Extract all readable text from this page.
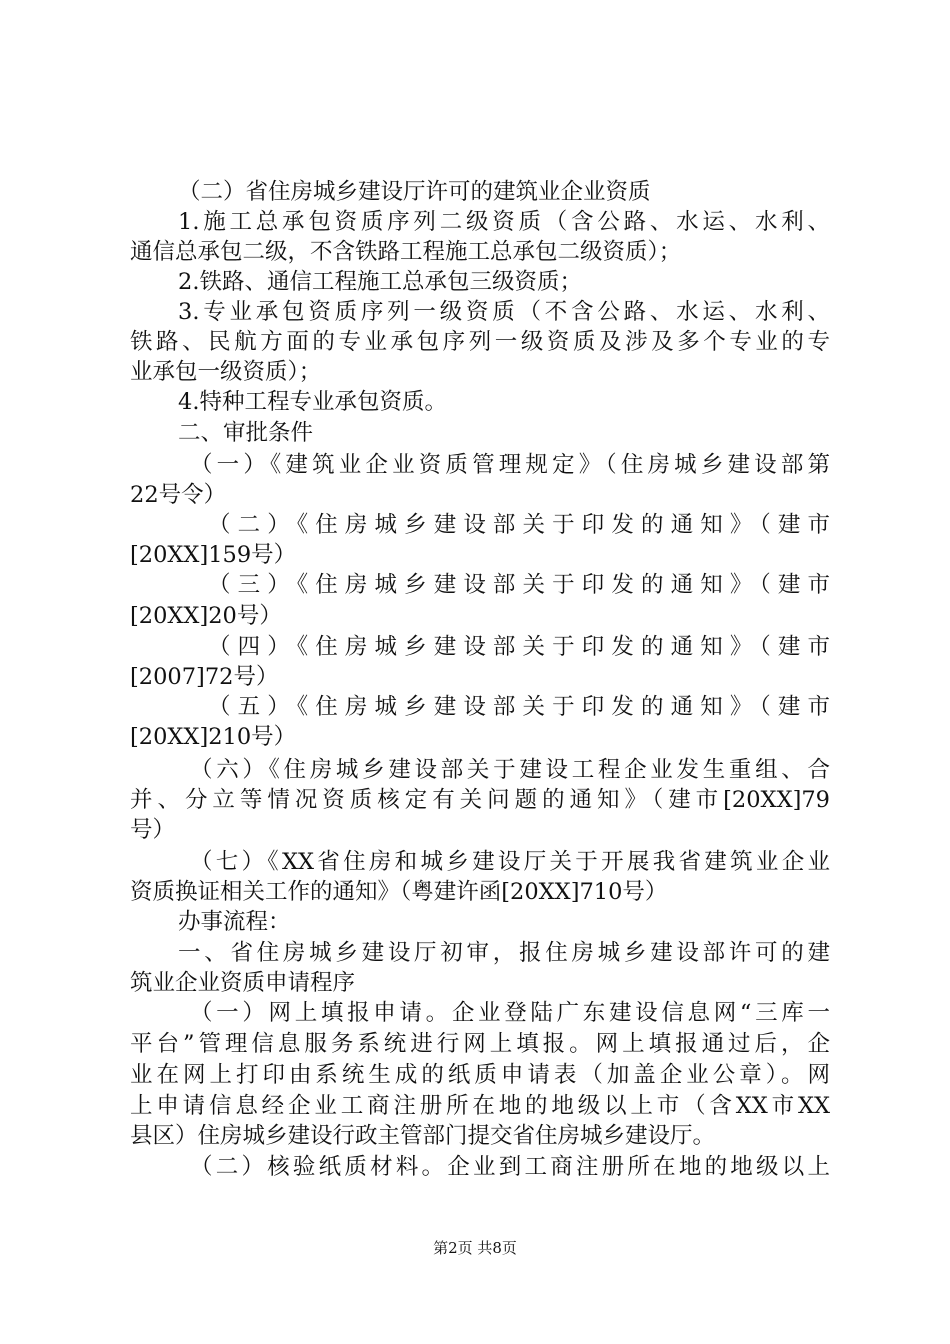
（二）省住房城乡建设厅许可的建筑业企业资质
1.施工总承包资质序列二级资质（含公路、水运、水利、
通信总承包二级，不含铁路工程施工总承包二级资质）；
2.铁路、通信工程施工总承包三级资质；
3.专业承包资质序列一级资质（不含公路、水运、水利、
铁路、民航方面的专业承包序列一级资质及涉及多个专业的专
业承包一级资质）；
4.特种工程专业承包资质。
二、审批条件
（一）《建筑业企业资质管理规定》（住房城乡建设部第
22号令）
（二）《住房城乡建设部关于印发的通知》（建市
[20XX]159号）
（三）《住房城乡建设部关于印发的通知》（建市
[20XX]20号）
（四）《住房城乡建设部关于印发的通知》（建市
[2007]72号）
（五）《住房城乡建设部关于印发的通知》（建市
[20XX]210号）
（六）《住房城乡建设部关于建设工程企业发生重组、合
并、分立等情况资质核定有关问题的通知》（建市[20XX]79
号）
（七）《XX省住房和城乡建设厅关于开展我省建筑业企业
资质换证相关工作的通知》（粤建许函[20XX]710号）
办事流程：
一、省住房城乡建设厅初审，报住房城乡建设部许可的建
筑业企业资质申请程序
（一）网上填报申请。企业登陆广东建设信息网“三库一
平台”管理信息服务系统进行网上填报。网上填报通过后，企
业在网上打印由系统生成的纸质申请表（加盖企业公章）。网
上申请信息经企业工商注册所在地的地级以上市（含XX市XX
县区）住房城乡建设行政主管部门提交省住房城乡建设厅。
（二）核验纸质材料。企业到工商注册所在地的地级以上
第2页 共8页
